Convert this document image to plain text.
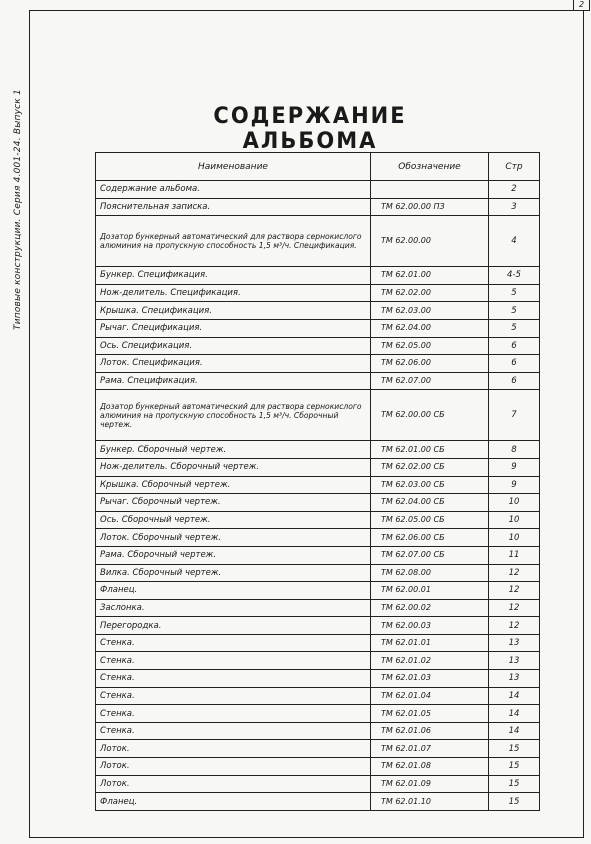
2
Типовые конструкции. Серия 4.001-24. Выпуск 1	СОДЕРЖАНИЕ АЛЬБОМА
Наименование	Обозначение	Стр
Содержание альбома.		2
Пояснительная записка.	ТМ 62.00.00 ПЗ	3
Дозатор бункерный автоматический для раствора сернокислого алюминия на пропускную способность 1,5 м³/ч. Спецификация.	ТМ 62.00.00	4
Бункер. Спецификация.	ТМ 62.01.00	4-5
Нож-делитель. Спецификация.	ТМ 62.02.00	5
Крышка. Спецификация.	ТМ 62.03.00	5
Рычаг. Спецификация.	ТМ 62.04.00	5
Ось. Спецификация.	ТМ 62.05.00	6
Лоток. Спецификация.	ТМ 62.06.00	6
Рама. Спецификация.	ТМ 62.07.00	6
Дозатор бункерный автоматический для раствора сернокислого алюминия на пропускную способность 1,5 м³/ч. Сборочный чертеж.	ТМ 62.00.00 СБ	7
Бункер. Сборочный чертеж.	ТМ 62.01.00 СБ	8
Нож-делитель. Сборочный чертеж.	ТМ 62.02.00 СБ	9
Крышка. Сборочный чертеж.	ТМ 62.03.00 СБ	9
Рычаг. Сборочный чертеж.	ТМ 62.04.00 СБ	10
Ось. Сборочный чертеж.	ТМ 62.05.00 СБ	10
Лоток. Сборочный чертеж.	ТМ 62.06.00 СБ	10
Рама. Сборочный чертеж.	ТМ 62.07.00 СБ	11
Вилка. Сборочный чертеж.	ТМ 62.08.00	12
Фланец.	ТМ 62.00.01	12
Заслонка.	ТМ 62.00.02	12
Перегородка.	ТМ 62.00.03	12
Стенка.	ТМ 62.01.01	13
Стенка.	ТМ 62.01.02	13
Стенка.	ТМ 62.01.03	13
Стенка.	ТМ 62.01.04	14
Стенка.	ТМ 62.01.05	14
Стенка.	ТМ 62.01.06	14
Лоток.	ТМ 62.01.07	15
Лоток.	ТМ 62.01.08	15
Лоток.	ТМ 62.01.09	15
Фланец.	ТМ 62.01.10	15
